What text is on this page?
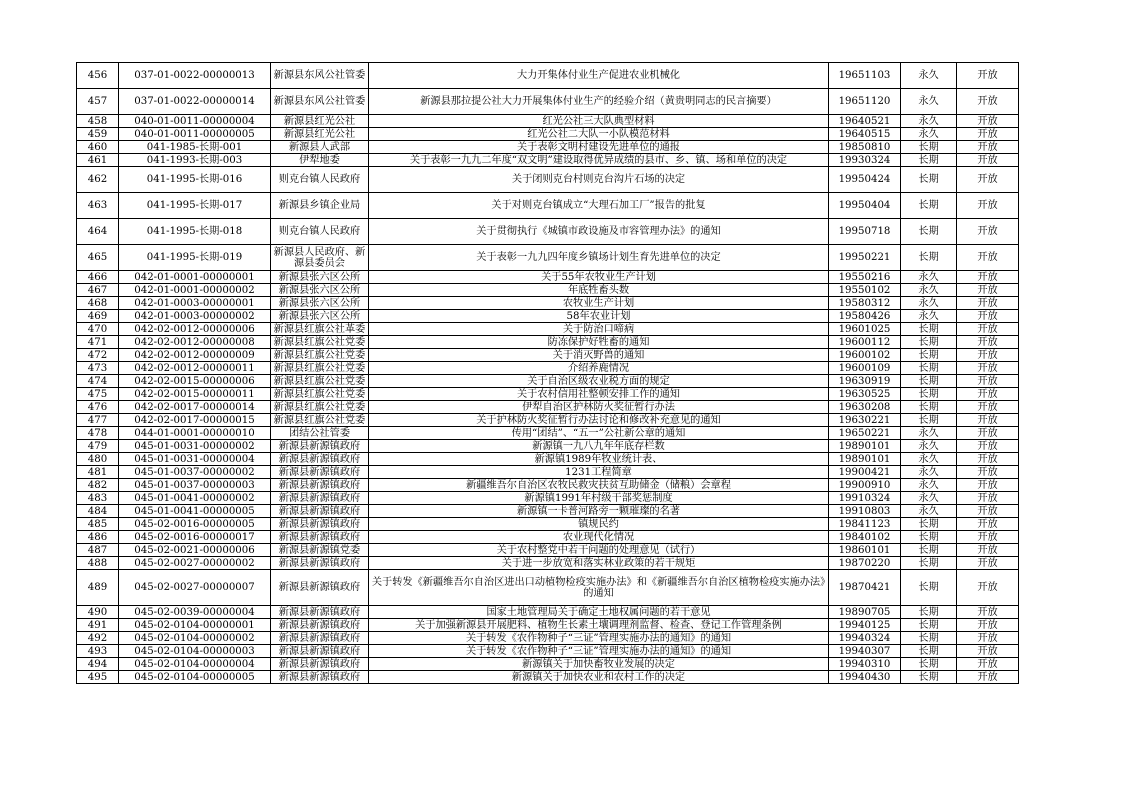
456	037-01-0022-00000013	新源县东风公社管委	大力开集体付业生产促进农业机械化	19651103	永久	开放
457	037-01-0022-00000014	新源县东风公社管委	新源县那拉提公社大力开展集体付业生产的经验介绍（黄贵明同志的民言摘要）	19651120	永久	开放
458	040-01-0011-00000004	新源县红光公社	红光公社三大队典型材料	19640521	永久	开放
459	040-01-0011-00000005	新源县红光公社	红光公社二大队一小队模范材料	19640515	永久	开放
460	041-1985-长期-001	新源县人武部	关于表彰文明村建设先进单位的通报	19850810	长期	开放
461	041-1993-长期-003	伊犁地委	关于表彰一九九二年度“双文明”建设取得优异成绩的县市、乡、镇、场和单位的决定	19930324	长期	开放
462	041-1995-长期-016	则克台镇人民政府	关于闭则克台村则克台沟片石场的决定	19950424	长期	开放
463	041-1995-长期-017	新源县乡镇企业局	关于对则克台镇成立“大理石加工厂”报告的批复	19950404	长期	开放
464	041-1995-长期-018	则克台镇人民政府	关于贯彻执行《城镇市政设施及市容管理办法》的通知	19950718	长期	开放
465	041-1995-长期-019	新源县人民政府、新源县委员会	关于表彰一九九四年度乡镇场计划生育先进单位的决定	19950221	长期	开放
466	042-01-0001-00000001	新源县张六区公所	关于55年农牧业生产计划	19550216	永久	开放
467	042-01-0001-00000002	新源县张六区公所	年底牲畜头数	19550102	永久	开放
468	042-01-0003-00000001	新源县张六区公所	农牧业生产计划	19580312	永久	开放
469	042-01-0003-00000002	新源县张六区公所	58年农业计划	19580426	永久	开放
470	042-02-0012-00000006	新源县红旗公社革委	关于防治口啼病	19601025	长期	开放
471	042-02-0012-00000008	新源县红旗公社党委	防冻保护好牲畜的通知	19600112	长期	开放
472	042-02-0012-00000009	新源县红旗公社党委	关于消灭野兽的通知	19600102	长期	开放
473	042-02-0012-00000011	新源县红旗公社党委	介绍养鹿情况	19600109	长期	开放
474	042-02-0015-00000006	新源县红旗公社党委	关于自治区级农业税方面的规定	19630919	长期	开放
475	042-02-0015-00000011	新源县红旗公社党委	关于农村信用社整顿安排工作的通知	19630525	长期	开放
476	042-02-0017-00000014	新源县红旗公社党委	伊犁自治区护林防火奖征暂行办法	19630208	长期	开放
477	042-02-0017-00000015	新源县红旗公社党委	关于护林防火奖征暂行办法讨论和修改补充意见的通知	19630221	长期	开放
478	044-01-0001-00000010	团结公社管委	传用“团结”、“五一”公社新公章的通知	19650221	永久	开放
479	045-01-0031-00000002	新源县新源镇政府	新源镇一九八九年年底存栏数	19890101	永久	开放
480	045-01-0031-00000004	新源县新源镇政府	新源镇1989年牧业统计表、	19890101	永久	开放
481	045-01-0037-00000002	新源县新源镇政府	1231工程简章	19900421	永久	开放
482	045-01-0037-00000003	新源县新源镇政府	新疆维吾尔自治区农牧民救灾扶贫互助储金（储粮）会章程	19900910	永久	开放
483	045-01-0041-00000002	新源县新源镇政府	新源镇1991年村级干部奖惩制度	19910324	永久	开放
484	045-01-0041-00000005	新源县新源镇政府	新源镇一卡普河路旁一颗璀璨的名著	19910803	永久	开放
485	045-02-0016-00000005	新源县新源镇政府	镇规民约	19841123	长期	开放
486	045-02-0016-00000017	新源县新源镇政府	农业现代化情况	19840102	长期	开放
487	045-02-0021-00000006	新源县新源镇党委	关于农村整党中若干问题的处理意见（试行）	19860101	长期	开放
488	045-02-0027-00000002	新源县新源镇政府	关于进一步放宽和落实林业政策的若干规矩	19870220	长期	开放
489	045-02-0027-00000007	新源县新源镇政府	关于转发《新疆维吾尔自治区进出口动植物检疫实施办法》和《新疆维吾尔自治区植物检疫实施办法》的通知	19870421	长期	开放
490	045-02-0039-00000004	新源县新源镇政府	国家土地管理局关于确定土地权属问题的若干意见	19890705	长期	开放
491	045-02-0104-00000001	新源县新源镇政府	关于加强新源县开展肥料、植物生长素土壤调理剂监督、检查、登记工作管理条例	19940125	长期	开放
492	045-02-0104-00000002	新源县新源镇政府	关于转发《农作物种子“三证”管理实施办法的通知》的通知	19940324	长期	开放
493	045-02-0104-00000003	新源县新源镇政府	关于转发《农作物种子“三证”管理实施办法的通知》的通知	19940307	长期	开放
494	045-02-0104-00000004	新源县新源镇政府	新源镇关于加快畜牧业发展的决定	19940310	长期	开放
495	045-02-0104-00000005	新源县新源镇政府	新源镇关于加快农业和农村工作的决定	19940430	长期	开放
